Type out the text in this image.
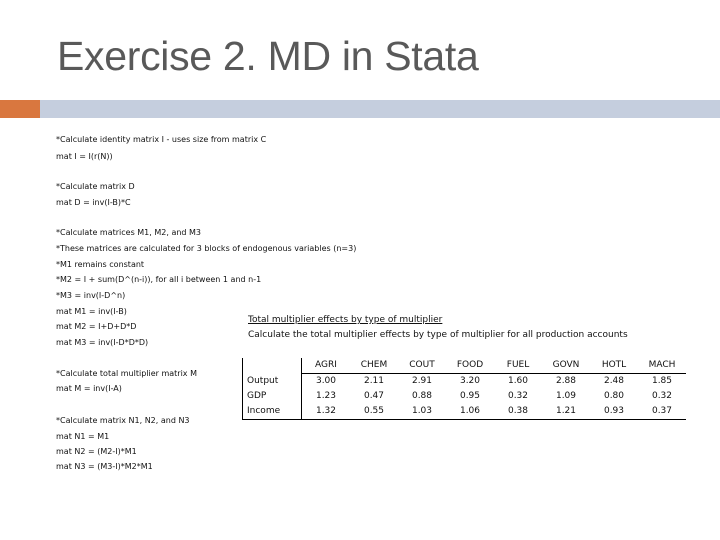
Exercise 2. MD in Stata
*Calculate identity matrix I - uses size from matrix C
mat I = I(r(N))
*Calculate matrix D
mat D = inv(I-B)*C
*Calculate matrices M1, M2, and M3
*These matrices are calculated for 3 blocks of endogenous variables (n=3)
*M1 remains constant
*M2 = I + sum(D^(n-i)), for all i between 1 and n-1
*M3 = inv(I-D^n)
mat M1 = inv(I-B)
mat M2 = I+D+D*D
mat M3 = inv(I-D*D*D)
*Calculate total multiplier matrix M
mat M = inv(I-A)
*Calculate matrix N1, N2, and N3
mat N1 = M1
mat N2 = (M2-I)*M1
mat N3 = (M3-I)*M2*M1
Total multiplier effects by type of multiplier
Calculate the total multiplier effects by type of multiplier for all production accounts
	AGRI	CHEM	COUT	FOOD	FUEL	GOVN	HOTL	MACH
Output	3.00	2.11	2.91	3.20	1.60	2.88	2.48	1.85
GDP	1.23	0.47	0.88	0.95	0.32	1.09	0.80	0.32
Income	1.32	0.55	1.03	1.06	0.38	1.21	0.93	0.37
